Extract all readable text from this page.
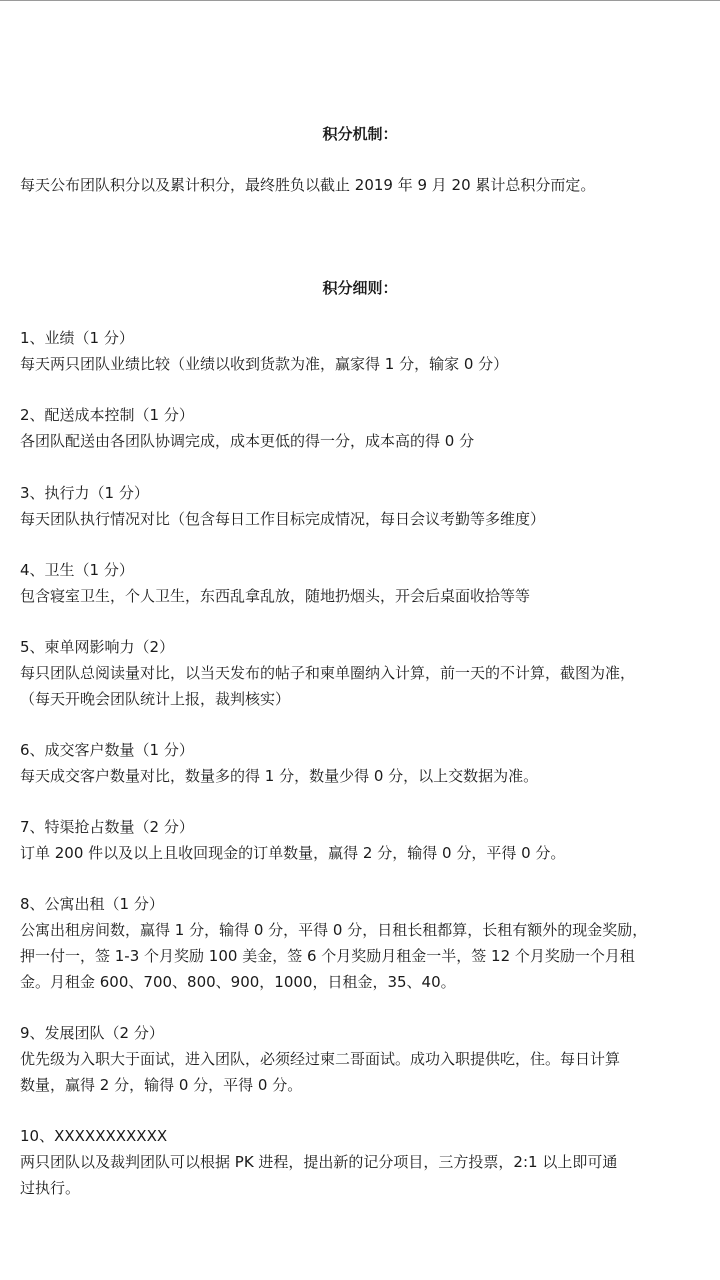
积分机制：
每天公布团队积分以及累计积分，最终胜负以截止 2019 年 9 月 20 累计总积分而定。
积分细则：
1、业绩（1 分）
每天两只团队业绩比较（业绩以收到货款为准，赢家得 1 分，输家 0 分）
2、配送成本控制（1 分）
各团队配送由各团队协调完成，成本更低的得一分，成本高的得 0 分
3、执行力（1 分）
每天团队执行情况对比（包含每日工作目标完成情况，每日会议考勤等多维度）
4、卫生（1 分）
包含寝室卫生，个人卫生，东西乱拿乱放，随地扔烟头，开会后桌面收拾等等
5、柬单网影响力（2）
每只团队总阅读量对比，以当天发布的帖子和柬单圈纳入计算，前一天的不计算，截图为准，
（每天开晚会团队统计上报，裁判核实）
6、成交客户数量（1 分）
每天成交客户数量对比，数量多的得 1 分，数量少得 0 分，以上交数据为准。
7、特渠抢占数量（2 分）
订单 200 件以及以上且收回现金的订单数量，赢得 2 分，输得 0 分，平得 0 分。
8、公寓出租（1 分）
公寓出租房间数，赢得 1 分，输得 0 分，平得 0 分，日租长租都算，长租有额外的现金奖励，
押一付一，签 1-3 个月奖励 100 美金，签 6 个月奖励月租金一半，签 12 个月奖励一个月租
金。月租金 600、700、800、900，1000，日租金，35、40。
9、发展团队（2 分）
优先级为入职大于面试，进入团队，必须经过柬二哥面试。成功入职提供吃，住。每日计算
数量，赢得 2 分，输得 0 分，平得 0 分。
10、XXXXXXXXXXX
两只团队以及裁判团队可以根据 PK 进程，提出新的记分项目，三方投票，2:1 以上即可通
过执行。
